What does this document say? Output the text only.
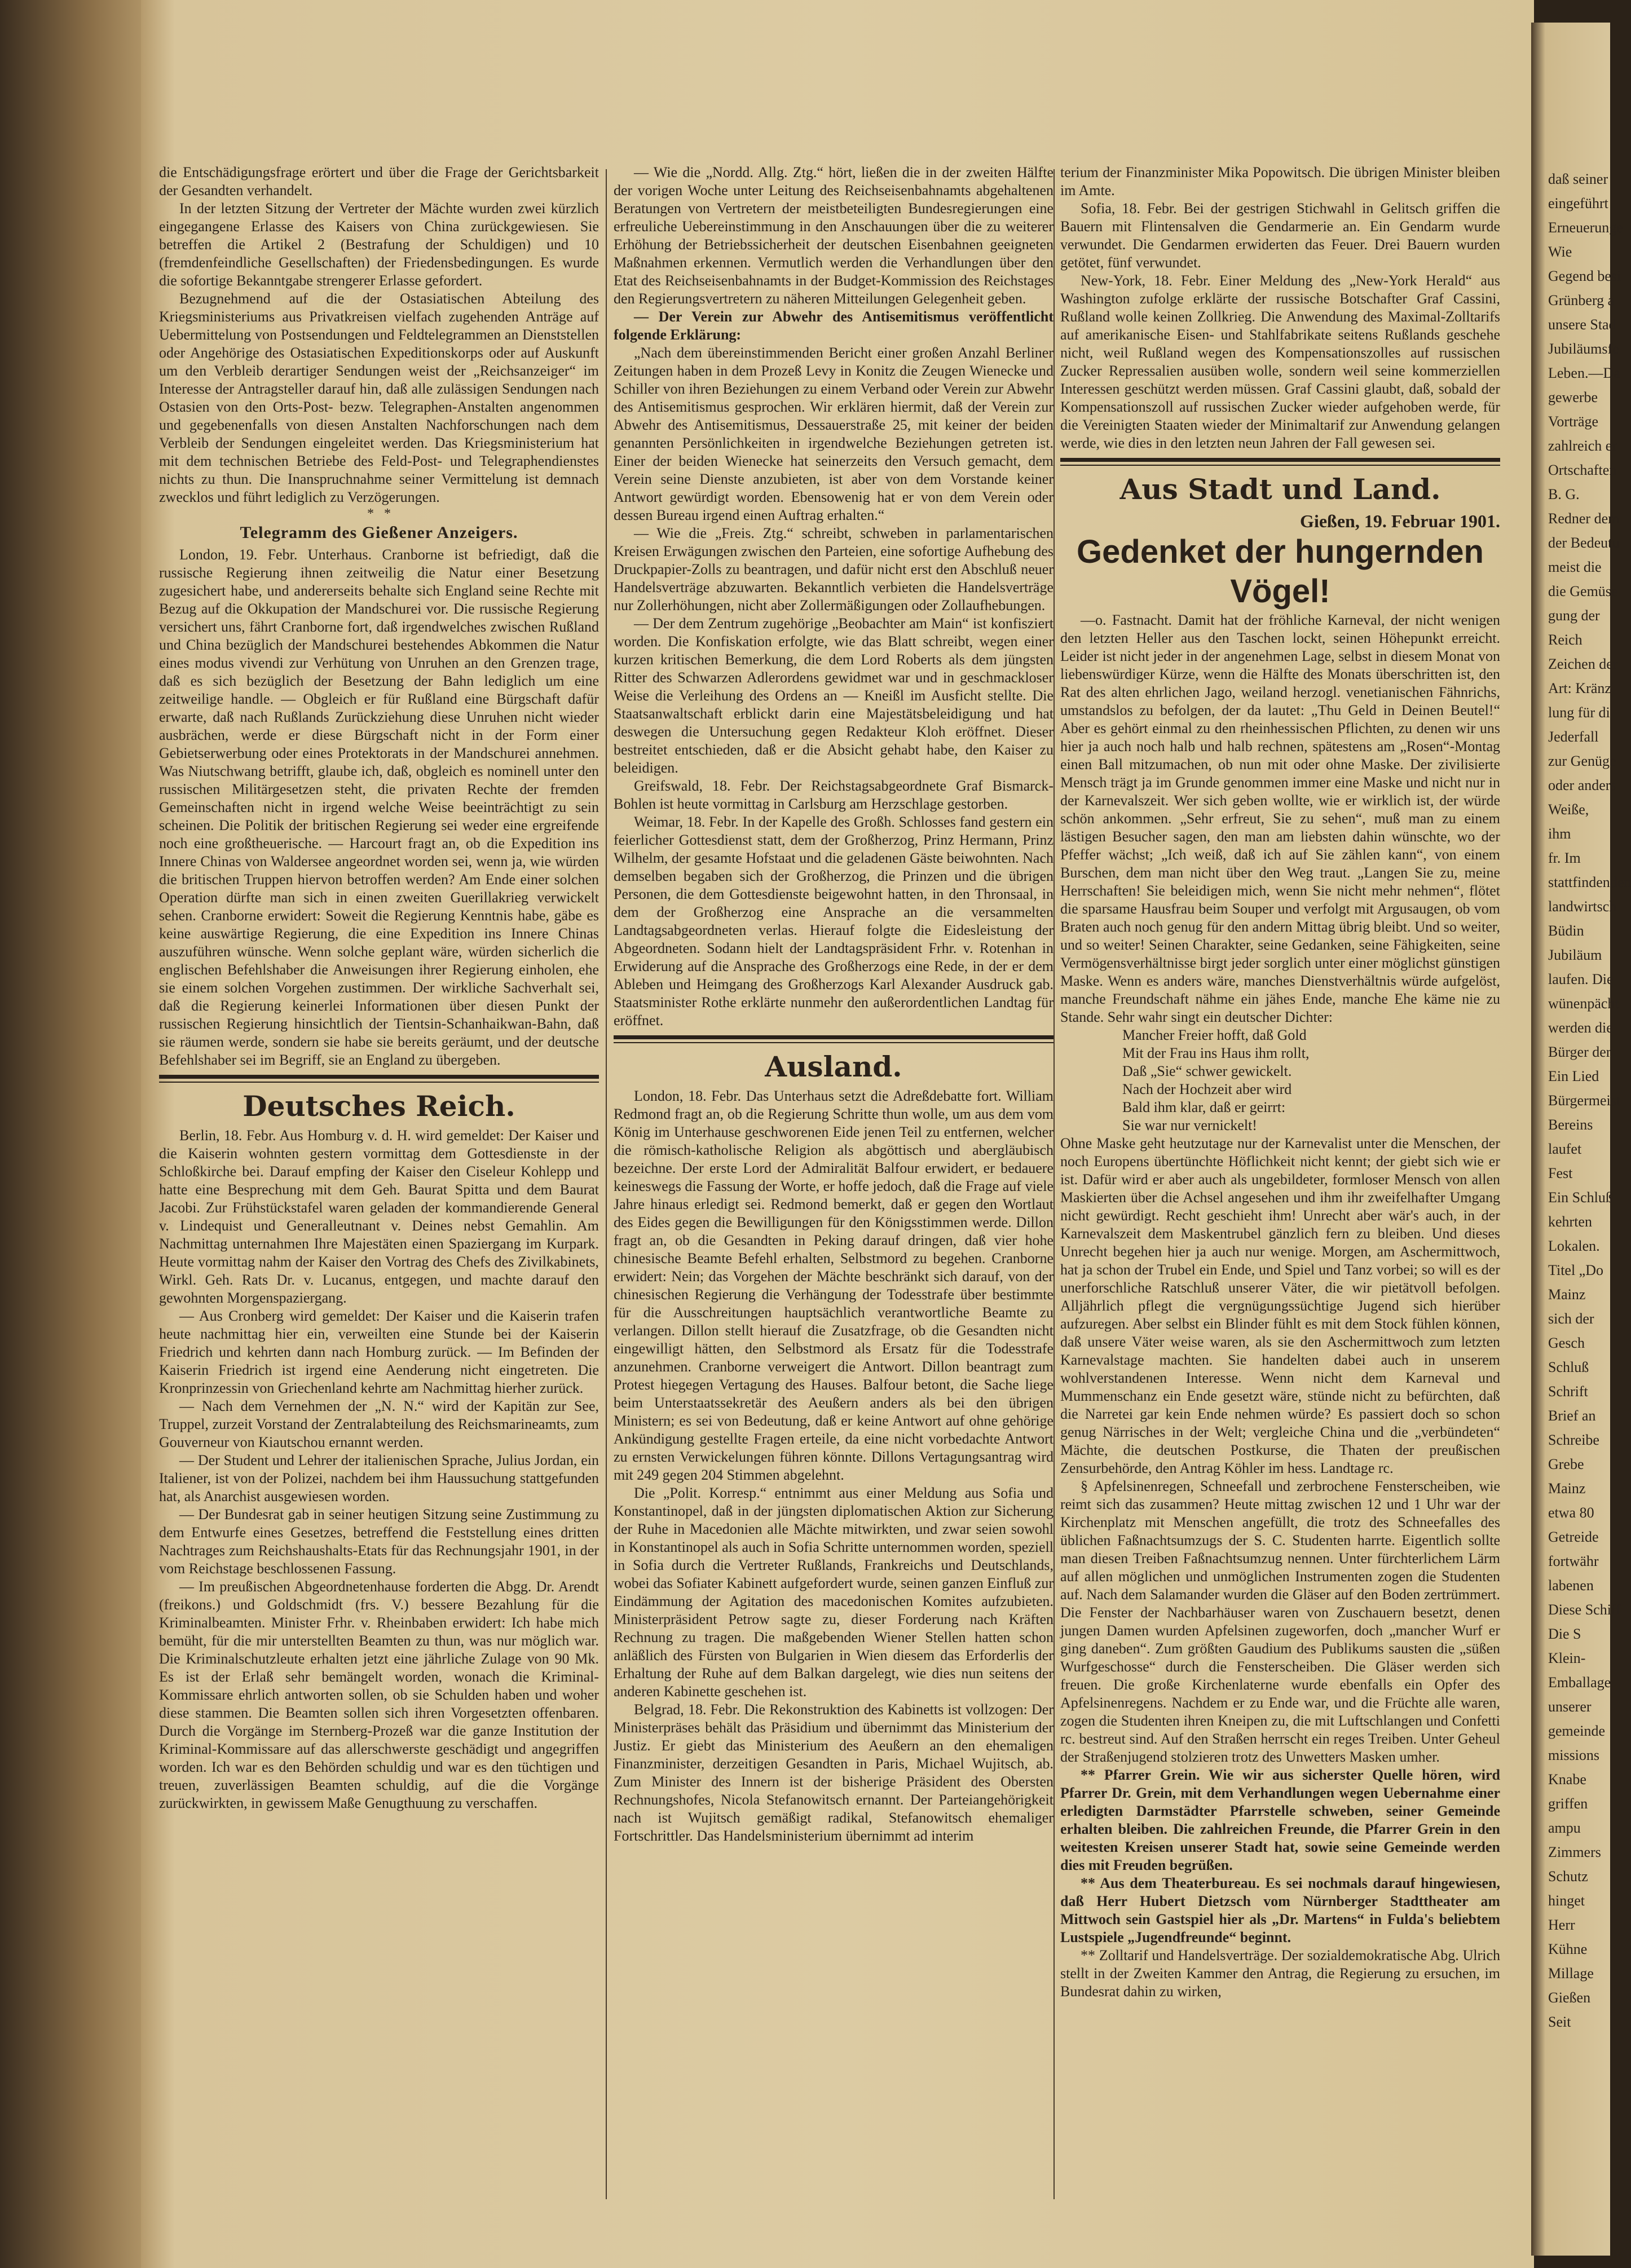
die Entschädigungsfrage erörtert und über die Frage der Gerichtsbarkeit der Gesandten verhandelt.

In der letzten Sitzung der Vertreter der Mächte wurden zwei kürzlich eingegangene Erlasse des Kaisers von China zurückgewiesen. Sie betreffen die Artikel 2 (Bestrafung der Schuldigen) und 10 (fremdenfeindliche Gesellschaften) der Friedensbedingungen. Es wurde die sofortige Bekanntgabe strengerer Erlasse gefordert.

Bezugnehmend auf die der Ostasiatischen Abteilung des Kriegsministeriums aus Privatkreisen vielfach zugehenden Anträge auf Uebermittelung von Postsendungen und Feldtelegrammen an Dienststellen oder Angehörige des Ostasiatischen Expeditionskorps oder auf Auskunft um den Verbleib derartiger Sendungen weist der „Reichsanzeiger“ im Interesse der Antragsteller darauf hin, daß alle zulässigen Sendungen nach Ostasien von den Orts-Post- bezw. Telegraphen-Anstalten angenommen und gegebenenfalls von diesen Anstalten Nachforschungen nach dem Verbleib der Sendungen eingeleitet werden. Das Kriegsministerium hat mit dem technischen Betriebe des Feld-Post- und Telegraphendienstes nichts zu thun. Die Inanspruchnahme seiner Vermittelung ist demnach zwecklos und führt lediglich zu Verzögerungen.

*   *
Telegramm des Gießener Anzeigers.

London, 19. Febr. Unterhaus. Cranborne ist befriedigt, daß die russische Regierung ihnen zeitweilig die Natur einer Besetzung zugesichert habe, und andererseits behalte sich England seine Rechte mit Bezug auf die Okkupation der Mandschurei vor. Die russische Regierung versichert uns, fährt Cranborne fort, daß irgendwelches zwischen Rußland und China bezüglich der Mandschurei bestehendes Abkommen die Natur eines modus vivendi zur Verhütung von Unruhen an den Grenzen trage, daß es sich bezüglich der Besetzung der Bahn lediglich um eine zeitweilige handle. — Obgleich er für Rußland eine Bürgschaft dafür erwarte, daß nach Rußlands Zurückziehung diese Unruhen nicht wieder ausbrächen, werde er diese Bürgschaft nicht in der Form einer Gebietserwerbung oder eines Protektorats in der Mandschurei annehmen. Was Niutschwang betrifft, glaube ich, daß, obgleich es nominell unter den russischen Militärgesetzen steht, die privaten Rechte der fremden Gemeinschaften nicht in irgend welche Weise beeinträchtigt zu sein scheinen. Die Politik der britischen Regierung sei weder eine ergreifende noch eine großtheuerische. — Harcourt fragt an, ob die Expedition ins Innere Chinas von Waldersee angeordnet worden sei, wenn ja, wie würden die britischen Truppen hiervon betroffen werden? Am Ende einer solchen Operation dürfte man sich in einen zweiten Guerillakrieg verwickelt sehen. Cranborne erwidert: Soweit die Regierung Kenntnis habe, gäbe es keine auswärtige Regierung, die eine Expedition ins Innere Chinas auszuführen wünsche. Wenn solche geplant wäre, würden sicherlich die englischen Befehlshaber die Anweisungen ihrer Regierung einholen, ehe sie einem solchen Vorgehen zustimmen. Der wirkliche Sachverhalt sei, daß die Regierung keinerlei Informationen über diesen Punkt der russischen Regierung hinsichtlich der Tientsin-Schanhaikwan-Bahn, daß sie räumen werde, sondern sie habe sie bereits geräumt, und der deutsche Befehlshaber sei im Begriff, sie an England zu übergeben.

Deutsches Reich.

Berlin, 18. Febr. Aus Homburg v. d. H. wird gemeldet: Der Kaiser und die Kaiserin wohnten gestern vormittag dem Gottesdienste in der Schloßkirche bei. Darauf empfing der Kaiser den Ciseleur Kohlepp und hatte eine Besprechung mit dem Geh. Baurat Spitta und dem Baurat Jacobi. Zur Frühstückstafel waren geladen der kommandierende General v. Lindequist und Generalleutnant v. Deines nebst Gemahlin. Am Nachmittag unternahmen Ihre Majestäten einen Spaziergang im Kurpark. Heute vormittag nahm der Kaiser den Vortrag des Chefs des Zivilkabinets, Wirkl. Geh. Rats Dr. v. Lucanus, entgegen, und machte darauf den gewohnten Morgenspaziergang.

— Aus Cronberg wird gemeldet: Der Kaiser und die Kaiserin trafen heute nachmittag hier ein, verweilten eine Stunde bei der Kaiserin Friedrich und kehrten dann nach Homburg zurück. — Im Befinden der Kaiserin Friedrich ist irgend eine Aenderung nicht eingetreten. Die Kronprinzessin von Griechenland kehrte am Nachmittag hierher zurück.

— Nach dem Vernehmen der „N. N.“ wird der Kapitän zur See, Truppel, zurzeit Vorstand der Zentralabteilung des Reichsmarineamts, zum Gouverneur von Kiautschou ernannt werden.

— Der Student und Lehrer der italienischen Sprache, Julius Jordan, ein Italiener, ist von der Polizei, nachdem bei ihm Haussuchung stattgefunden hat, als Anarchist ausgewiesen worden.

— Der Bundesrat gab in seiner heutigen Sitzung seine Zustimmung zu dem Entwurfe eines Gesetzes, betreffend die Feststellung eines dritten Nachtrages zum Reichshaushalts-Etats für das Rechnungsjahr 1901, in der vom Reichstage beschlossenen Fassung.

— Im preußischen Abgeordnetenhause forderten die Abgg. Dr. Arendt (freikons.) und Goldschmidt (frs. V.) bessere Bezahlung für die Kriminalbeamten. Minister Frhr. v. Rheinbaben erwidert: Ich habe mich bemüht, für die mir unterstellten Beamten zu thun, was nur möglich war. Die Kriminalschutzleute erhalten jetzt eine jährliche Zulage von 90 Mk. Es ist der Erlaß sehr bemängelt worden, wonach die Kriminal-Kommissare ehrlich antworten sollen, ob sie Schulden haben und woher diese stammen. Die Beamten sollen sich ihren Vorgesetzten offenbaren. Durch die Vorgänge im Sternberg-Prozeß war die ganze Institution der Kriminal-Kommissare auf das allerschwerste geschädigt und angegriffen worden. Ich war es den Behörden schuldig und war es den tüchtigen und treuen, zuverlässigen Beamten schuldig, auf die die Vorgänge zurückwirkten, in gewissem Maße Genugthuung zu verschaffen.

— Wie die „Nordd. Allg. Ztg.“ hört, ließen die in der zweiten Hälfte der vorigen Woche unter Leitung des Reichseisenbahnamts abgehaltenen Beratungen von Vertretern der meistbeteiligten Bundesregierungen eine erfreuliche Uebereinstimmung in den Anschauungen über die zu weiterer Erhöhung der Betriebssicherheit der deutschen Eisenbahnen geeigneten Maßnahmen erkennen. Vermutlich werden die Verhandlungen über den Etat des Reichseisenbahnamts in der Budget-Kommission des Reichstages den Regierungsvertretern zu näheren Mitteilungen Gelegenheit geben.

— Der Verein zur Abwehr des Antisemitismus veröffentlicht folgende Erklärung:

„Nach dem übereinstimmenden Bericht einer großen Anzahl Berliner Zeitungen haben in dem Prozeß Levy in Konitz die Zeugen Wienecke und Schiller von ihren Beziehungen zu einem Verband oder Verein zur Abwehr des Antisemitismus gesprochen. Wir erklären hiermit, daß der Verein zur Abwehr des Antisemitismus, Dessauerstraße 25, mit keiner der beiden genannten Persönlichkeiten in irgendwelche Beziehungen getreten ist. Einer der beiden Wienecke hat seinerzeits den Versuch gemacht, dem Verein seine Dienste anzubieten, ist aber von dem Vorstande keiner Antwort gewürdigt worden. Ebensowenig hat er von dem Verein oder dessen Bureau irgend einen Auftrag erhalten.“

— Wie die „Freis. Ztg.“ schreibt, schweben in parlamentarischen Kreisen Erwägungen zwischen den Parteien, eine sofortige Aufhebung des Druckpapier-Zolls zu beantragen, und dafür nicht erst den Abschluß neuer Handelsverträge abzuwarten. Bekanntlich verbieten die Handelsverträge nur Zollerhöhungen, nicht aber Zollermäßigungen oder Zollaufhebungen.

— Der dem Zentrum zugehörige „Beobachter am Main“ ist konfisziert worden. Die Konfiskation erfolgte, wie das Blatt schreibt, wegen einer kurzen kritischen Bemerkung, die dem Lord Roberts als dem jüngsten Ritter des Schwarzen Adlerordens gewidmet war und in geschmackloser Weise die Verleihung des Ordens an — Kneißl im Ausficht stellte. Die Staatsanwaltschaft erblickt darin eine Majestätsbeleidigung und hat deswegen die Untersuchung gegen Redakteur Kloh eröffnet. Dieser bestreitet entschieden, daß er die Absicht gehabt habe, den Kaiser zu beleidigen.

Greifswald, 18. Febr. Der Reichstagsabgeordnete Graf Bismarck-Bohlen ist heute vormittag in Carlsburg am Herzschlage gestorben.

Weimar, 18. Febr. In der Kapelle des Großh. Schlosses fand gestern ein feierlicher Gottesdienst statt, dem der Großherzog, Prinz Hermann, Prinz Wilhelm, der gesamte Hofstaat und die geladenen Gäste beiwohnten. Nach demselben begaben sich der Großherzog, die Prinzen und die übrigen Personen, die dem Gottesdienste beigewohnt hatten, in den Thronsaal, in dem der Großherzog eine Ansprache an die versammelten Landtagsabgeordneten verlas. Hierauf folgte die Eidesleistung der Abgeordneten. Sodann hielt der Landtagspräsident Frhr. v. Rotenhan in Erwiderung auf die Ansprache des Großherzogs eine Rede, in der er dem Ableben und Heimgang des Großherzogs Karl Alexander Ausdruck gab. Staatsminister Rothe erklärte nunmehr den außerordentlichen Landtag für eröffnet.

Ausland.

London, 18. Febr. Das Unterhaus setzt die Adreßdebatte fort. William Redmond fragt an, ob die Regierung Schritte thun wolle, um aus dem vom König im Unterhause geschworenen Eide jenen Teil zu entfernen, welcher die römisch-katholische Religion als abgöttisch und abergläubisch bezeichne. Der erste Lord der Admiralität Balfour erwidert, er bedauere keineswegs die Fassung der Worte, er hoffe jedoch, daß die Frage auf viele Jahre hinaus erledigt sei. Redmond bemerkt, daß er gegen den Wortlaut des Eides gegen die Bewilligungen für den Königsstimmen werde. Dillon fragt an, ob die Gesandten in Peking darauf dringen, daß vier hohe chinesische Beamte Befehl erhalten, Selbstmord zu begehen. Cranborne erwidert: Nein; das Vorgehen der Mächte beschränkt sich darauf, von der chinesischen Regierung die Verhängung der Todesstrafe über bestimmte für die Ausschreitungen hauptsächlich verantwortliche Beamte zu verlangen. Dillon stellt hierauf die Zusatzfrage, ob die Gesandten nicht eingewilligt hätten, den Selbstmord als Ersatz für die Todesstrafe anzunehmen. Cranborne verweigert die Antwort. Dillon beantragt zum Protest hiegegen Vertagung des Hauses. Balfour betont, die Sache liege beim Unterstaatssekretär des Aeußern anders als bei den übrigen Ministern; es sei von Bedeutung, daß er keine Antwort auf ohne gehörige Ankündigung gestellte Fragen erteile, da eine nicht vorbedachte Antwort zu ernsten Verwickelungen führen könnte. Dillons Vertagungsantrag wird mit 249 gegen 204 Stimmen abgelehnt.

Die „Polit. Korresp.“ entnimmt aus einer Meldung aus Sofia und Konstantinopel, daß in der jüngsten diplomatischen Aktion zur Sicherung der Ruhe in Macedonien alle Mächte mitwirkten, und zwar seien sowohl in Konstantinopel als auch in Sofia Schritte unternommen worden, speziell in Sofia durch die Vertreter Rußlands, Frankreichs und Deutschlands, wobei das Sofiater Kabinett aufgefordert wurde, seinen ganzen Einfluß zur Eindämmung der Agitation des macedonischen Komites aufzubieten. Ministerpräsident Petrow sagte zu, dieser Forderung nach Kräften Rechnung zu tragen. Die maßgebenden Wiener Stellen hatten schon anläßlich des Fürsten von Bulgarien in Wien diesem das Erforderlis der Erhaltung der Ruhe auf dem Balkan dargelegt, wie dies nun seitens der anderen Kabinette geschehen ist.

Belgrad, 18. Febr. Die Rekonstruktion des Kabinetts ist vollzogen: Der Ministerpräses behält das Präsidium und übernimmt das Ministerium der Justiz. Er giebt das Ministerium des Aeußern an den ehemaligen Finanzminister, derzeitigen Gesandten in Paris, Michael Wujitsch, ab. Zum Minister des Innern ist der bisherige Präsident des Obersten Rechnungshofes, Nicola Stefanowitsch ernannt. Der Parteiangehörigkeit nach ist Wujitsch gemäßigt radikal, Stefanowitsch ehemaliger Fortschrittler. Das Handelsministerium übernimmt ad interim

terium der Finanzminister Mika Popowitsch. Die übrigen Minister bleiben im Amte.

Sofia, 18. Febr. Bei der gestrigen Stichwahl in Gelitsch griffen die Bauern mit Flintensalven die Gendarmerie an. Ein Gendarm wurde verwundet. Die Gendarmen erwiderten das Feuer. Drei Bauern wurden getötet, fünf verwundet.

New-York, 18. Febr. Einer Meldung des „New-York Herald“ aus Washington zufolge erklärte der russische Botschafter Graf Cassini, Rußland wolle keinen Zollkrieg. Die Anwendung des Maximal-Zolltarifs auf amerikanische Eisen- und Stahlfabrikate seitens Rußlands geschehe nicht, weil Rußland wegen des Kompensationszolles auf russischen Zucker Repressalien ausüben wolle, sondern weil seine kommerziellen Interessen geschützt werden müssen. Graf Cassini glaubt, daß, sobald der Kompensationszoll auf russischen Zucker wieder aufgehoben werde, für die Vereinigten Staaten wieder der Minimaltarif zur Anwendung gelangen werde, wie dies in den letzten neun Jahren der Fall gewesen sei.

Aus Stadt und Land.
Gießen, 19. Februar 1901.
Gedenket der hungernden Vögel!

—o. Fastnacht. Damit hat der fröhliche Karneval, der nicht wenigen den letzten Heller aus den Taschen lockt, seinen Höhepunkt erreicht. Leider ist nicht jeder in der angenehmen Lage, selbst in diesem Monat von liebenswürdiger Kürze, wenn die Hälfte des Monats überschritten ist, den Rat des alten ehrlichen Jago, weiland herzogl. venetianischen Fähnrichs, umstandslos zu befolgen, der da lautet: „Thu Geld in Deinen Beutel!“ Aber es gehört einmal zu den rheinhessischen Pflichten, zu denen wir uns hier ja auch noch halb und halb rechnen, spätestens am „Rosen“-Montag einen Ball mitzumachen, ob nun mit oder ohne Maske. Der zivilisierte Mensch trägt ja im Grunde genommen immer eine Maske und nicht nur in der Karnevalszeit. Wer sich geben wollte, wie er wirklich ist, der würde schön ankommen. „Sehr erfreut, Sie zu sehen“, muß man zu einem lästigen Besucher sagen, den man am liebsten dahin wünschte, wo der Pfeffer wächst; „Ich weiß, daß ich auf Sie zählen kann“, von einem Burschen, dem man nicht über den Weg traut. „Langen Sie zu, meine Herrschaften! Sie beleidigen mich, wenn Sie nicht mehr nehmen“, flötet die sparsame Hausfrau beim Souper und verfolgt mit Argusaugen, ob vom Braten auch noch genug für den andern Mittag übrig bleibt. Und so weiter, und so weiter! Seinen Charakter, seine Gedanken, seine Fähigkeiten, seine Vermögensverhältnisse birgt jeder sorglich unter einer möglichst günstigen Maske. Wenn es anders wäre, manches Dienstverhältnis würde aufgelöst, manche Freundschaft nähme ein jähes Ende, manche Ehe käme nie zu Stande. Sehr wahr singt ein deutscher Dichter:

Mancher Freier hofft, daß Gold

Mit der Frau ins Haus ihm rollt,

Daß „Sie“ schwer gewickelt.

Nach der Hochzeit aber wird

Bald ihm klar, daß er geirrt:

Sie war nur vernickelt!

Ohne Maske geht heutzutage nur der Karnevalist unter die Menschen, der noch Europens übertünchte Höflichkeit nicht kennt; der giebt sich wie er ist. Dafür wird er aber auch als ungebildeter, formloser Mensch von allen Maskierten über die Achsel angesehen und ihm ihr zweifelhafter Umgang nicht gewürdigt. Recht geschieht ihm! Unrecht aber wär's auch, in der Karnevalszeit dem Maskentrubel gänzlich fern zu bleiben. Und dieses Unrecht begehen hier ja auch nur wenige. Morgen, am Aschermittwoch, hat ja schon der Trubel ein Ende, und Spiel und Tanz vorbei; so will es der unerforschliche Ratschluß unserer Väter, die wir pietätvoll befolgen. Alljährlich pflegt die vergnügungssüchtige Jugend sich hierüber aufzuregen. Aber selbst ein Blinder fühlt es mit dem Stock fühlen können, daß unsere Väter weise waren, als sie den Aschermittwoch zum letzten Karnevalstage machten. Sie handelten dabei auch in unserem wohlverstandenen Interesse. Wenn nicht dem Karneval und Mummenschanz ein Ende gesetzt wäre, stünde nicht zu befürchten, daß die Narretei gar kein Ende nehmen würde? Es passiert doch so schon genug Närrisches in der Welt; vergleiche China und die „verbündeten“ Mächte, die deutschen Postkurse, die Thaten der preußischen Zensurbehörde, den Antrag Köhler im hess. Landtage rc.

§ Apfelsinenregen, Schneefall und zerbrochene Fensterscheiben, wie reimt sich das zusammen? Heute mittag zwischen 12 und 1 Uhr war der Kirchenplatz mit Menschen angefüllt, die trotz des Schneefalles des üblichen Faßnachtsumzugs der S. C. Studenten harrte. Eigentlich sollte man diesen Treiben Faßnachtsumzug nennen. Unter fürchterlichem Lärm auf allen möglichen und unmöglichen Instrumenten zogen die Studenten auf. Nach dem Salamander wurden die Gläser auf den Boden zertrümmert. Die Fenster der Nachbarhäuser waren von Zuschauern besetzt, denen jungen Damen wurden Apfelsinen zugeworfen, doch „mancher Wurf er ging daneben“. Zum größten Gaudium des Publikums sausten die „süßen Wurfgeschosse“ durch die Fensterscheiben. Die Gläser werden sich freuen. Die große Kirchenlaterne wurde ebenfalls ein Opfer des Apfelsinenregens. Nachdem er zu Ende war, und die Früchte alle waren, zogen die Studenten ihren Kneipen zu, die mit Luftschlangen und Confetti rc. bestreut sind. Auf den Straßen herrscht ein reges Treiben. Unter Geheul der Straßenjugend stolzieren trotz des Unwetters Masken umher.

** Pfarrer Grein. Wie wir aus sicherster Quelle hören, wird Pfarrer Dr. Grein, mit dem Verhandlungen wegen Uebernahme einer erledigten Darmstädter Pfarrstelle schweben, seiner Gemeinde erhalten bleiben. Die zahlreichen Freunde, die Pfarrer Grein in den weitesten Kreisen unserer Stadt hat, sowie seine Gemeinde werden dies mit Freuden begrüßen.

** Aus dem Theaterbureau. Es sei nochmals darauf hingewiesen, daß Herr Hubert Dietzsch vom Nürnberger Stadttheater am Mittwoch sein Gastspiel hier als „Dr. Martens“ in Fulda's beliebtem Lustspiele „Jugendfreunde“ beginnt.

** Zolltarif und Handelsverträge. Der sozialdemokratische Abg. Ulrich stellt in der Zweiten Kammer den Antrag, die Regierung zu ersuchen, im Bundesrat dahin zu wirken,

daß seiner

eingeführt

Erneuerunge

Wie

Gegend besi

Grünberg a

unsere Stad

Jubiläumsfe

Leben.—Da

gewerbe

Vorträge

zahlreich er

Ortschaften

B. G.

Redner dem

der Bedeutu

meist die

die Gemüse

gung der

Reich

Zeichen der

Art: Kränz

lung für di

Jederfall

zur Genüge

oder anders

Weiße,

ihm

fr. Im

stattfindenden

landwirtsch

Büdin

Jubiläum

laufen. Die

wünenpächt

werden die

Bürger der

Ein Lied

Bürgermeist

Bereins

laufet

Fest

Ein Schluß

kehrten

Lokalen.

Titel „Do

Mainz

sich der

Gesch

Schluß

Schrift

Brief an

Schreibe

Grebe

Mainz

etwa 80

Getreide

fortwähr

labenen

Diese Schiff

Die S

Klein-

Emballage

unserer

gemeinde

missions

Knabe

griffen

ampu

Zimmers

Schutz

hinget

Herr

Kühne

Millage

Gießen

Seit
